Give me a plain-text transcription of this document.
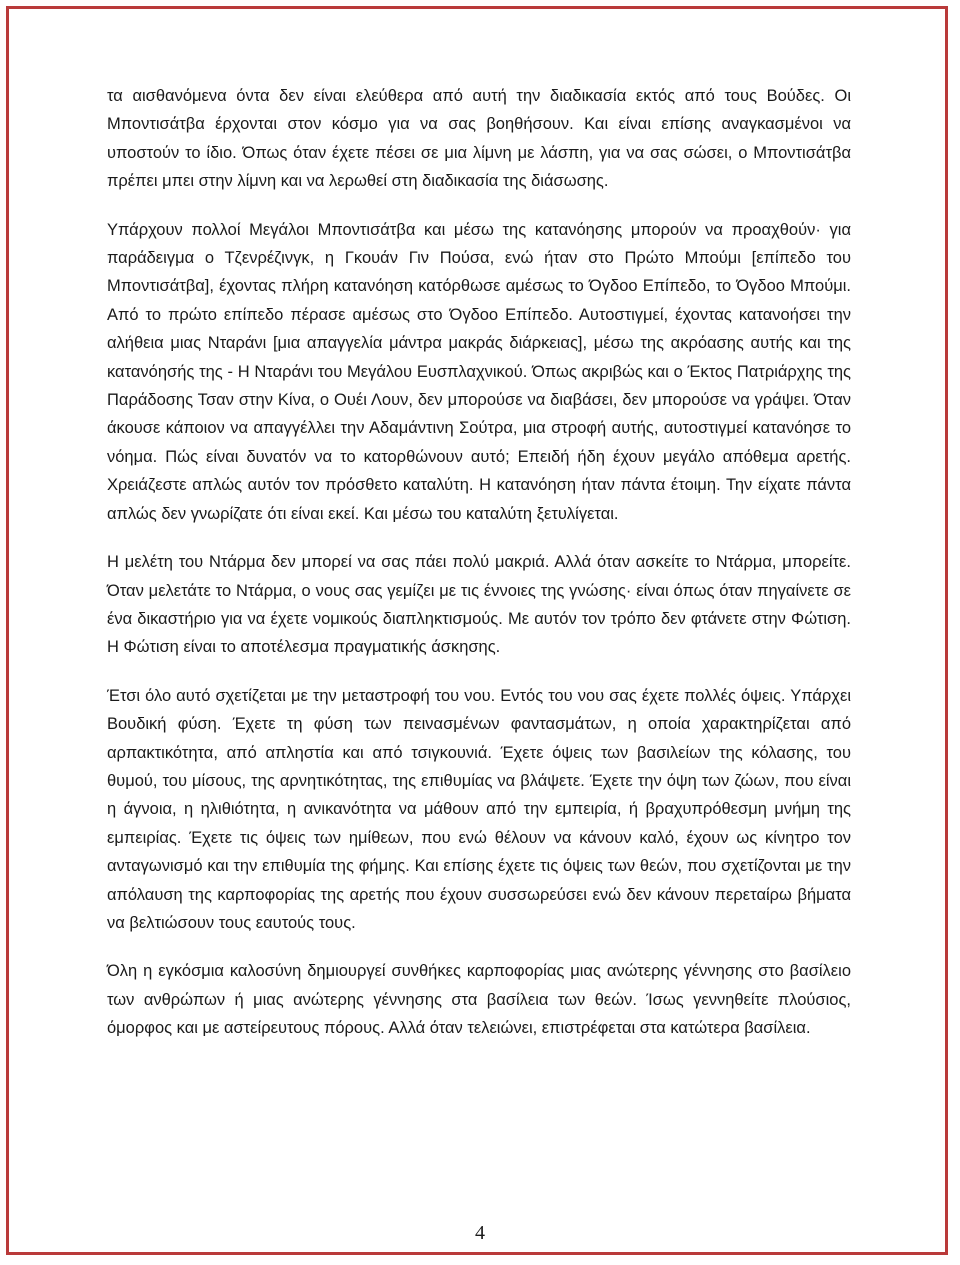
τα αισθανόμενα όντα δεν είναι ελεύθερα από αυτή την διαδικασία εκτός από τους Βούδες. Οι Μποντισάτβα έρχονται στον κόσμο για να σας βοηθήσουν. Και είναι επίσης αναγκασμένοι να υποστούν το ίδιο. Όπως όταν έχετε πέσει σε μια λίμνη με λάσπη, για να σας σώσει, ο Μποντισάτβα πρέπει μπει στην λίμνη και να λερωθεί στη διαδικασία της διάσωσης.

Υπάρχουν πολλοί Μεγάλοι Μποντισάτβα και μέσω της κατανόησης μπορούν να προαχθούν· για παράδειγμα ο Τζενρέζινγκ, η Γκουάν Γιν Πούσα, ενώ ήταν στο Πρώτο Μπούμι [επίπεδο του Μποντισάτβα], έχοντας πλήρη κατανόηση κατόρθωσε αμέσως το Όγδοο Επίπεδο, το Όγδοο Μπούμι. Από το πρώτο επίπεδο πέρασε αμέσως στο Όγδοο Επίπεδο. Αυτοστιγμεί, έχοντας κατανοήσει την αλήθεια μιας Νταράνι [μια απαγγελία μάντρα μακράς διάρκειας], μέσω της ακρόασης αυτής και της κατανόησής της - Η Νταράνι του Μεγάλου Ευσπλαχνικού. Όπως ακριβώς και ο Έκτος Πατριάρχης της Παράδοσης Τσαν στην Κίνα, ο Ουέι Λουν, δεν μπορούσε να διαβάσει, δεν μπορούσε να γράψει. Όταν άκουσε κάποιον να απαγγέλλει την Αδαμάντινη Σούτρα, μια στροφή αυτής, αυτοστιγμεί κατανόησε το νόημα. Πώς είναι δυνατόν να το κατορθώνουν αυτό; Επειδή ήδη έχουν μεγάλο απόθεμα αρετής. Χρειάζεστε απλώς αυτόν τον πρόσθετο καταλύτη. Η κατανόηση ήταν πάντα έτοιμη. Την είχατε πάντα απλώς δεν γνωρίζατε ότι είναι εκεί. Και μέσω του καταλύτη ξετυλίγεται.

Η μελέτη του Ντάρμα δεν μπορεί να σας πάει πολύ μακριά. Αλλά όταν ασκείτε το Ντάρμα, μπορείτε. Όταν μελετάτε το Ντάρμα, ο νους σας γεμίζει με τις έννοιες της γνώσης· είναι όπως όταν πηγαίνετε σε ένα δικαστήριο για να έχετε νομικούς διαπληκτισμούς. Με αυτόν τον τρόπο δεν φτάνετε στην Φώτιση. Η Φώτιση είναι το αποτέλεσμα πραγματικής άσκησης.

Έτσι όλο αυτό σχετίζεται με την μεταστροφή του νου. Εντός του νου σας έχετε πολλές όψεις. Υπάρχει Βουδική φύση. Έχετε τη φύση των πεινασμένων φαντασμάτων, η οποία χαρακτηρίζεται από αρπακτικότητα, από απληστία και από τσιγκουνιά. Έχετε όψεις των βασιλείων της κόλασης, του θυμού, του μίσους, της αρνητικότητας, της επιθυμίας να βλάψετε. Έχετε την όψη των ζώων, που είναι η άγνοια, η ηλιθιότητα, η ανικανότητα να μάθουν από την εμπειρία, ή βραχυπρόθεσμη μνήμη της εμπειρίας. Έχετε τις όψεις των ημίθεων, που ενώ θέλουν να κάνουν καλό, έχουν ως κίνητρο τον ανταγωνισμό και την επιθυμία της φήμης. Και επίσης έχετε τις όψεις των θεών, που σχετίζονται με την απόλαυση της καρποφορίας της αρετής που έχουν συσσωρεύσει ενώ δεν κάνουν περεταίρω βήματα να βελτιώσουν τους εαυτούς τους.

Όλη η εγκόσμια καλοσύνη δημιουργεί συνθήκες καρποφορίας μιας ανώτερης γέννησης στο βασίλειο των ανθρώπων ή μιας ανώτερης γέννησης στα βασίλεια των θεών. Ίσως γεννηθείτε πλούσιος, όμορφος και με αστείρευτους πόρους. Αλλά όταν τελειώνει, επιστρέφεται στα κατώτερα βασίλεια.

4
